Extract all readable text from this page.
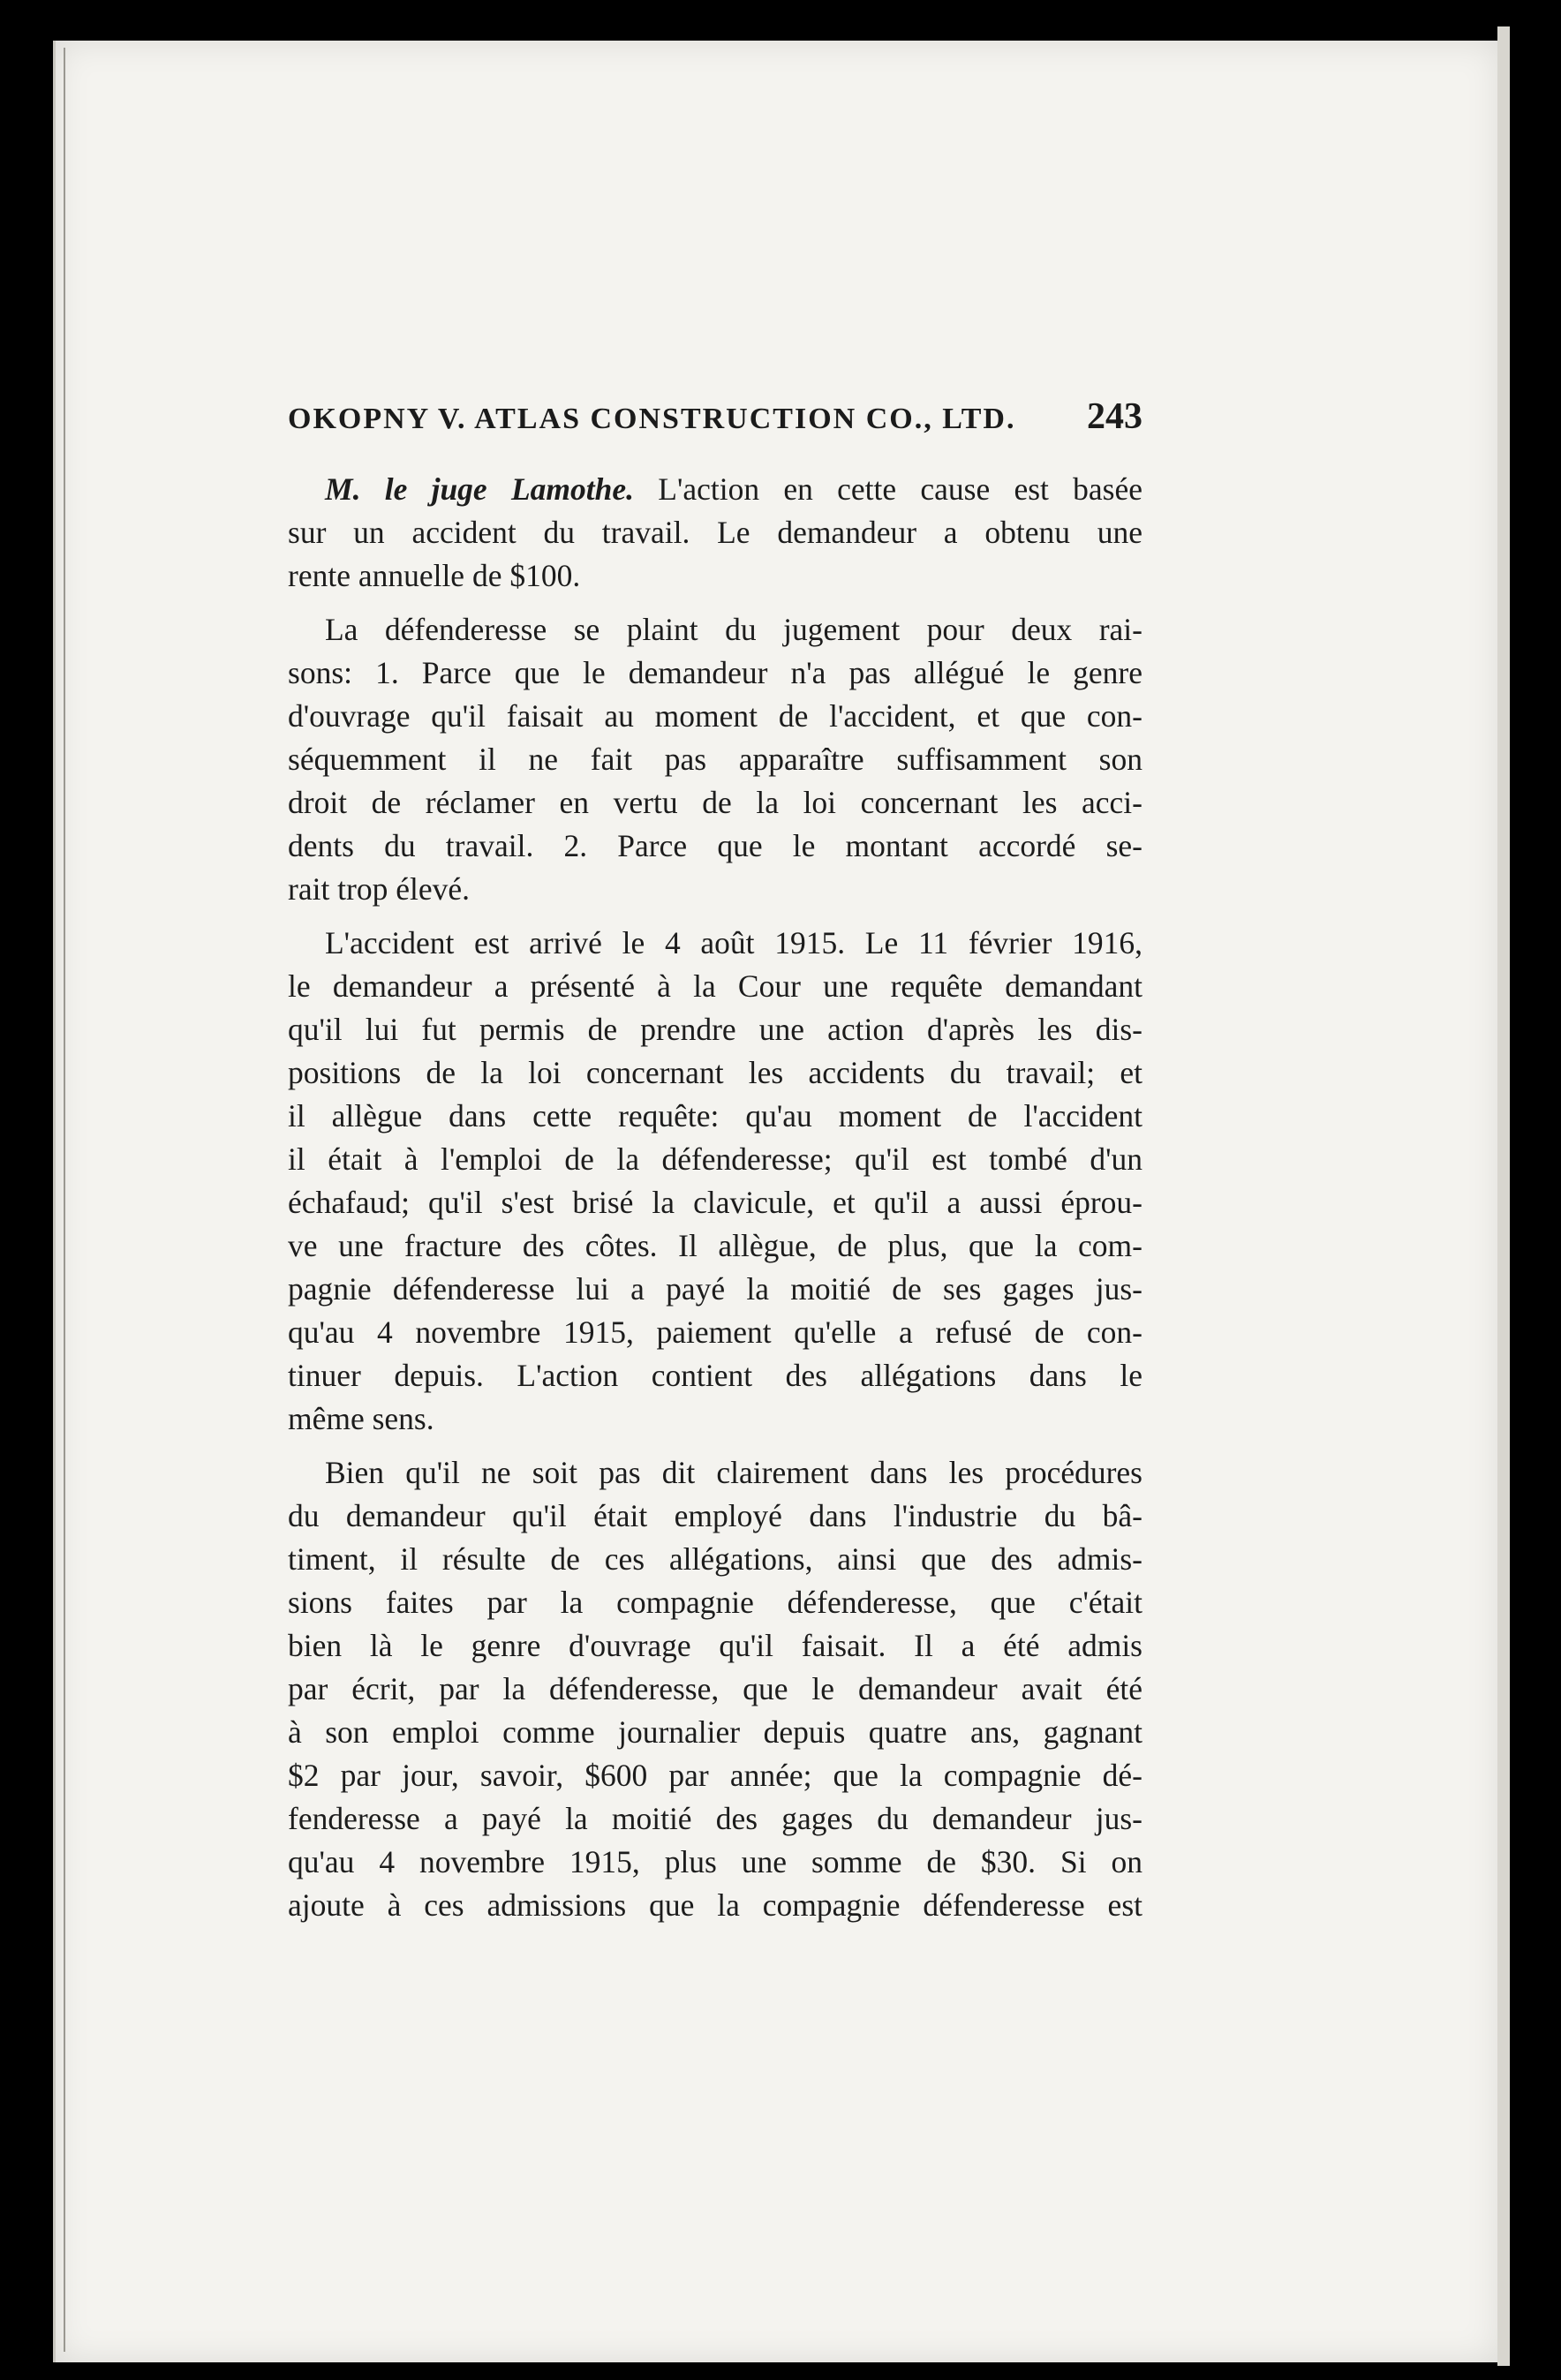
OKOPNY V. ATLAS CONSTRUCTION CO., LTD. 243

M. le juge Lamothe. L'action en cette cause est basée
sur un accident du travail. Le demandeur a obtenu une
rente annuelle de $100.

La défenderesse se plaint du jugement pour deux rai-
sons: 1. Parce que le demandeur n'a pas allégué le genre
d'ouvrage qu'il faisait au moment de l'accident, et que con-
séquemment il ne fait pas apparaître suffisamment son
droit de réclamer en vertu de la loi concernant les acci-
dents du travail. 2. Parce que le montant accordé se-
rait trop élevé.

L'accident est arrivé le 4 août 1915. Le 11 février 1916,
le demandeur a présenté à la Cour une requête demandant
qu'il lui fut permis de prendre une action d'après les dis-
positions de la loi concernant les accidents du travail; et
il allègue dans cette requête: qu'au moment de l'accident
il était à l'emploi de la défenderesse; qu'il est tombé d'un
échafaud; qu'il s'est brisé la clavicule, et qu'il a aussi éprou-
ve une fracture des côtes. Il allègue, de plus, que la com-
pagnie défenderesse lui a payé la moitié de ses gages jus-
qu'au 4 novembre 1915, paiement qu'elle a refusé de con-
tinuer depuis. L'action contient des allégations dans le
même sens.

Bien qu'il ne soit pas dit clairement dans les procédures
du demandeur qu'il était employé dans l'industrie du bâ-
timent, il résulte de ces allégations, ainsi que des admis-
sions faites par la compagnie défenderesse, que c'était
bien là le genre d'ouvrage qu'il faisait. Il a été admis
par écrit, par la défenderesse, que le demandeur avait été
à son emploi comme journalier depuis quatre ans, gagnant
$2 par jour, savoir, $600 par année; que la compagnie dé-
fenderesse a payé la moitié des gages du demandeur jus-
qu'au 4 novembre 1915, plus une somme de $30. Si on
ajoute à ces admissions que la compagnie défenderesse est
